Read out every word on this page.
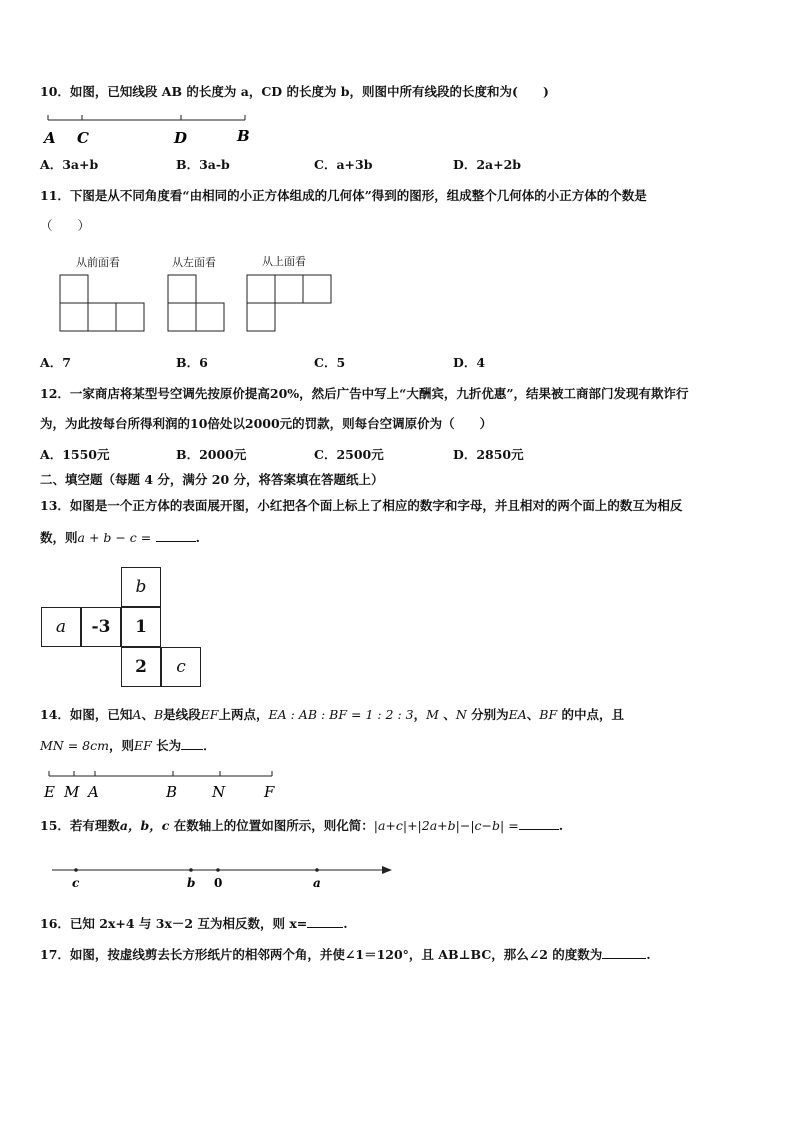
10．如图，已知线段 AB 的长度为 a，CD 的长度为 b，则图中所有线段的长度和为(　　)
A C	D	B
A．3a+b	B．3a-b	C．a+3b	D．2a+2b
11．下图是从不同角度看“由相同的小正方体组成的几何体”得到的图形，组成整个几何体的小正方体的个数是
（　　）
从前面看	从左面看	从上面看
A．7	B．6	C．5	D．4
12．一家商店将某型号空调先按原价提高20%，然后广告中写上“大酬宾，九折优惠”，结果被工商部门发现有欺诈行
为，为此按每台所得利润的10倍处以2000元的罚款，则每台空调原价为（　　）
A．1550元	B．2000元	C．2500元	D．2850元
二、填空题（每题 4 分，满分 20 分，将答案填在答题纸上）
13．如图是一个正方体的表面展开图，小红把各个面上标上了相应的数字和字母，并且相对的两个面上的数互为相反
数，则a + b − c =	.
b
a	-3	1
2	c
14．如图，已知A、B是线段EF上两点，EA : AB : BF = 1 : 2 : 3，M 、N 分别为EA、BF 的中点，且
MN = 8cm，则EF 长为 ．
E M A	B N	F
15．若有理数a，b，c 在数轴上的位置如图所示，则化简：|a+c|+|2a+b|−|c−b| =	.
c	b 0	a
16．已知 2x+4 与 3x－2 互为相反数，则 x=	.
17．如图，按虚线剪去长方形纸片的相邻两个角，并使∠1＝120°，且 AB⊥BC，那么∠2 的度数为	.
